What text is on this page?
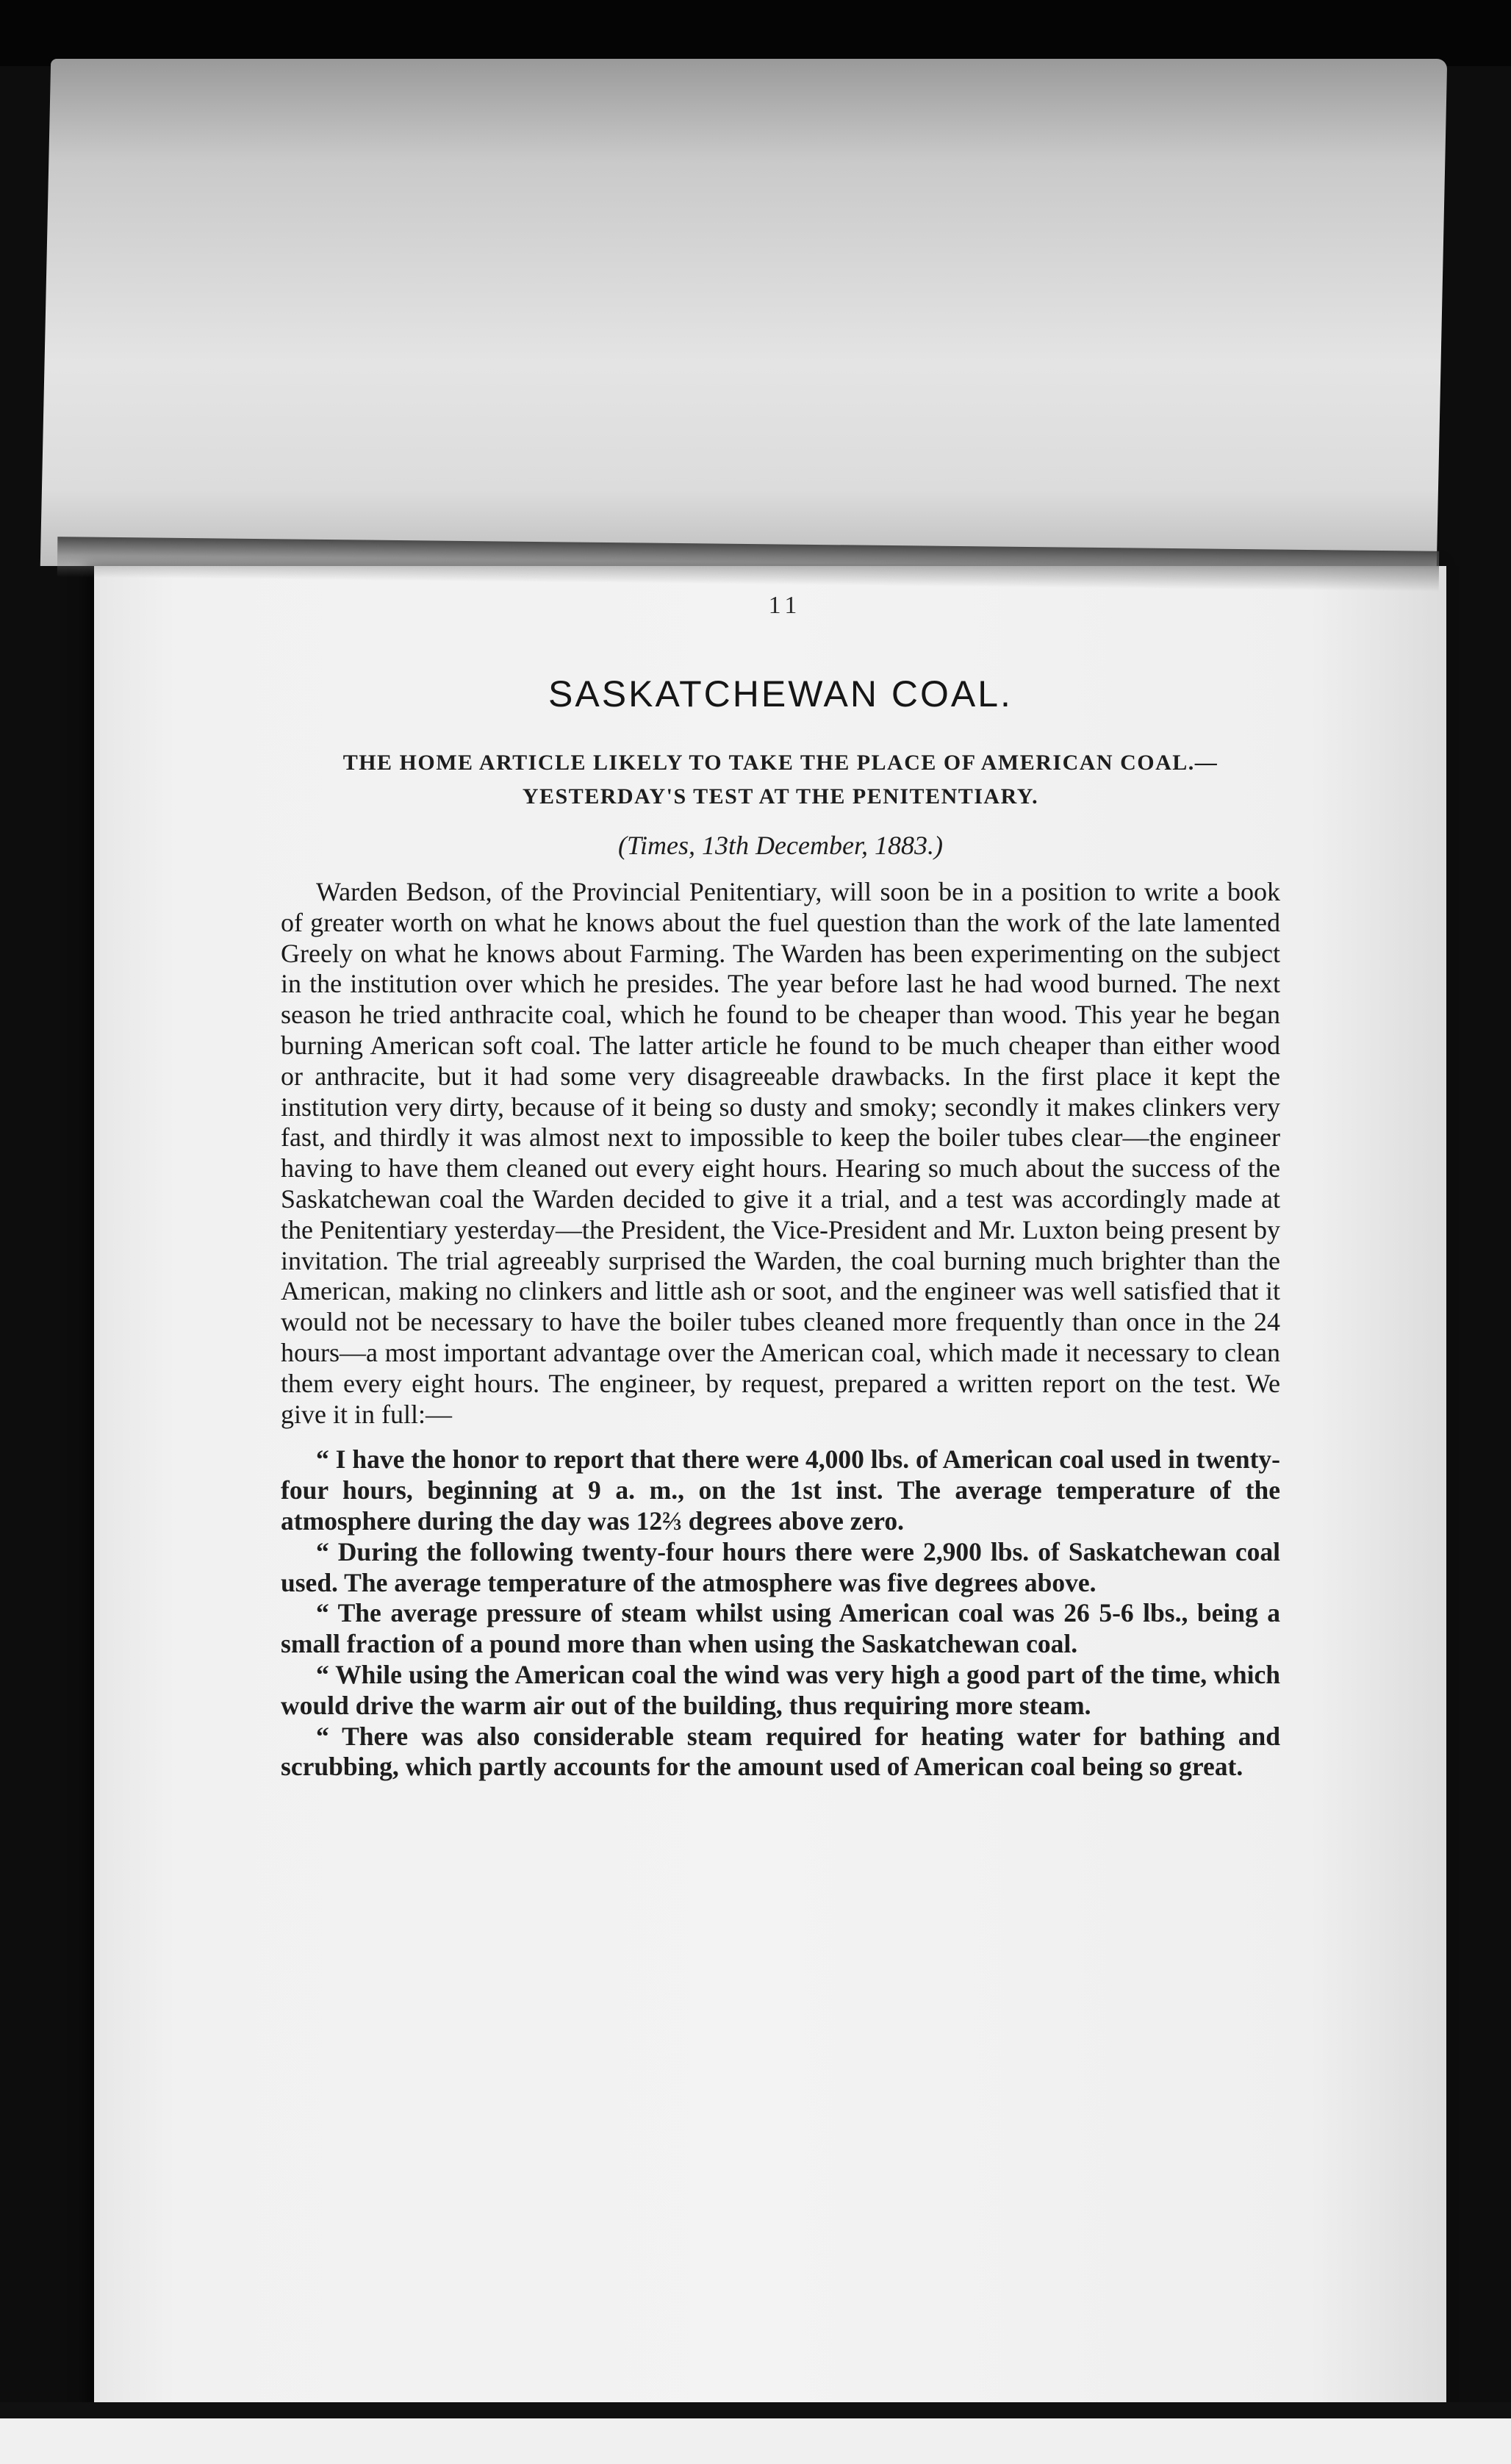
11
SASKATCHEWAN COAL.
THE HOME ARTICLE LIKELY TO TAKE THE PLACE OF AMERICAN COAL.—YESTERDAY'S TEST AT THE PENITENTIARY.
(Times, 13th December, 1883.)

Warden Bedson, of the Provincial Penitentiary, will soon be in a position to write a book of greater worth on what he knows about the fuel question than the work of the late lamented Greely on what he knows about Farming. The Warden has been experimenting on the subject in the institution over which he presides. The year before last he had wood burned. The next season he tried anthracite coal, which he found to be cheaper than wood. This year he began burning American soft coal. The latter article he found to be much cheaper than either wood or anthracite, but it had some very disagreeable drawbacks. In the first place it kept the institution very dirty, because of it being so dusty and smoky; secondly it makes clinkers very fast, and thirdly it was almost next to impossible to keep the boiler tubes clear—the engineer having to have them cleaned out every eight hours. Hearing so much about the success of the Saskatchewan coal the Warden decided to give it a trial, and a test was accordingly made at the Penitentiary yesterday—the President, the Vice-President and Mr. Luxton being present by invitation. The trial agreeably surprised the Warden, the coal burning much brighter than the American, making no clinkers and little ash or soot, and the engineer was well satisfied that it would not be necessary to have the boiler tubes cleaned more frequently than once in the 24 hours—a most important advantage over the American coal, which made it necessary to clean them every eight hours. The engineer, by request, prepared a written report on the test. We give it in full:—

“ I have the honor to report that there were 4,000 lbs. of American coal used in twenty-four hours, beginning at 9 a. m., on the 1st inst. The average temperature of the atmosphere during the day was 12⅔ degrees above zero.

“ During the following twenty-four hours there were 2,900 lbs. of Saskatchewan coal used. The average temperature of the atmosphere was five degrees above.

“ The average pressure of steam whilst using American coal was 26 5-6 lbs., being a small fraction of a pound more than when using the Saskatchewan coal.

“ While using the American coal the wind was very high a good part of the time, which would drive the warm air out of the building, thus requiring more steam.

“ There was also considerable steam required for heating water for bathing and scrubbing, which partly accounts for the amount used of American coal being so great.
